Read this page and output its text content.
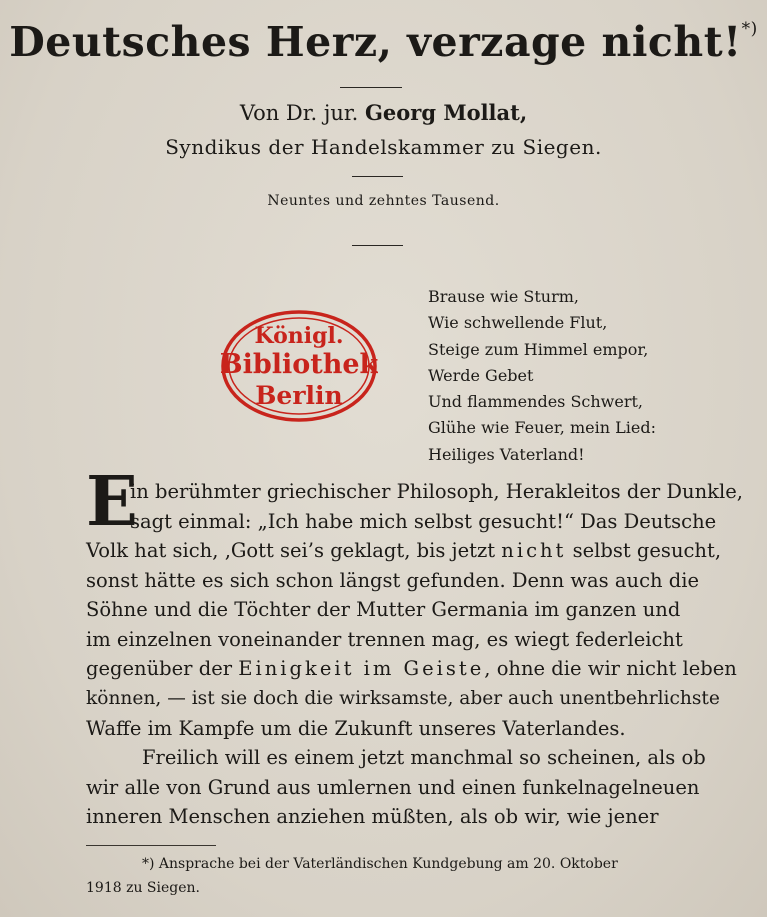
Deutsches Herz, verzage nicht!*)
Von Dr. jur. Georg Mollat,
Syndikus der Handelskammer zu Siegen.
Neuntes und zehntes Tausend.
Königl.
Bibliothek
Berlin
Brause wie Sturm,
Wie schwellende Flut,
Steige zum Himmel empor,
Werde Gebet
Und flammendes Schwert,
Glühe wie Feuer, mein Lied:
Heiliges Vaterland!
E
in berühmter griechischer Philosoph, Herakleitos der Dunkle,
sagt einmal: „Ich habe mich selbst gesucht!“ Das Deutsche
Volk hat sich, ‚Gott sei’s geklagt, bis jetzt nicht selbst gesucht,
sonst hätte es sich schon längst gefunden. Denn was auch die
Söhne und die Töchter der Mutter Germania im ganzen und
im einzelnen voneinander trennen mag, es wiegt federleicht
gegenüber der Einigkeit im Geiste , ohne die wir nicht leben
können, — ist sie doch die wirksamste, aber auch unentbehrlichste
Waffe im Kampfe um die Zukunft unseres Vaterlandes.
Freilich will es einem jetzt manchmal so scheinen, als ob
wir alle von Grund aus umlernen und einen funkelnagelneuen
inneren Menschen anziehen müßten, als ob wir, wie jener
*) Ansprache bei der Vaterländischen Kundgebung am 20. Oktober
1918 zu Siegen.
